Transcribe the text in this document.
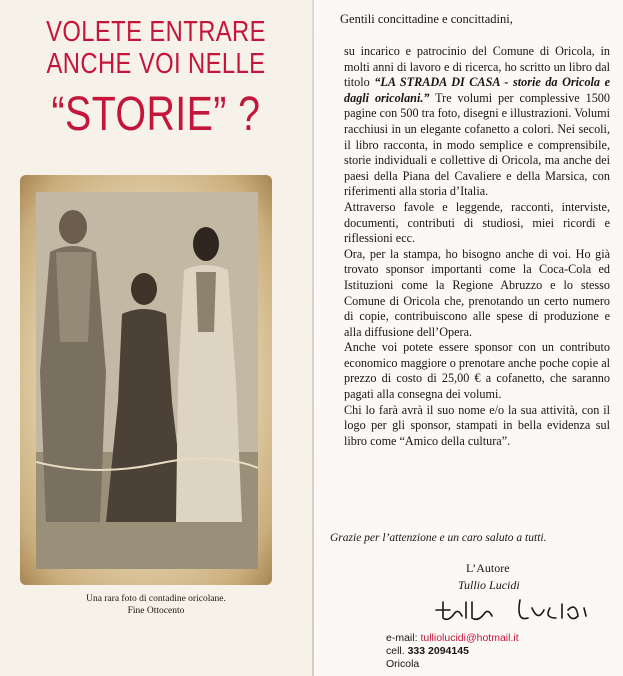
VOLETE ENTRARE
ANCHE VOI NELLE
“STORIE” ?
Una rara foto di contadine oricolane.
Fine Ottocento
Gentili concittadine e concittadini,

su incarico e patrocinio del Comune di Oricola, in molti anni di lavoro e di ricerca, ho scritto un libro dal titolo “LA STRADA DI CASA - storie da Oricola e dagli oricolani.” Tre volumi per complessive 1500 pagine con 500 tra foto, disegni e illustrazioni. Volumi racchiusi in un elegante cofanetto a colori. Nei secoli, il libro racconta, in modo semplice e comprensibile, storie individuali e collettive di Oricola, ma anche dei paesi della Piana del Cavaliere e della Marsica, con riferimenti alla storia d’Italia.

Attraverso favole e leggende, racconti, interviste, documenti, contributi di studiosi, miei ricordi e riflessioni ecc.

Ora, per la stampa, ho bisogno anche di voi. Ho già trovato sponsor importanti come la Coca-Cola ed Istituzioni come la Regione Abruzzo e lo stesso Comune di Oricola che, prenotando un certo numero di copie, contribuiscono alle spese di produzione e alla diffusione dell’Opera.

Anche voi potete essere sponsor con un contributo economico maggiore o prenotare anche poche copie al prezzo di costo di 25,00 € a cofanetto, che saranno pagati alla consegna dei volumi.

Chi lo farà avrà il suo nome e/o la sua attività, con il logo per gli sponsor, stampati in bella evidenza sul libro come “Amico della cultura”.

Grazie per l’attenzione e un caro saluto a tutti.
L’Autore
Tullio Lucidi
e-mail: tulliolucidi@hotmail.it
cell. 333 2094145
Oricola
